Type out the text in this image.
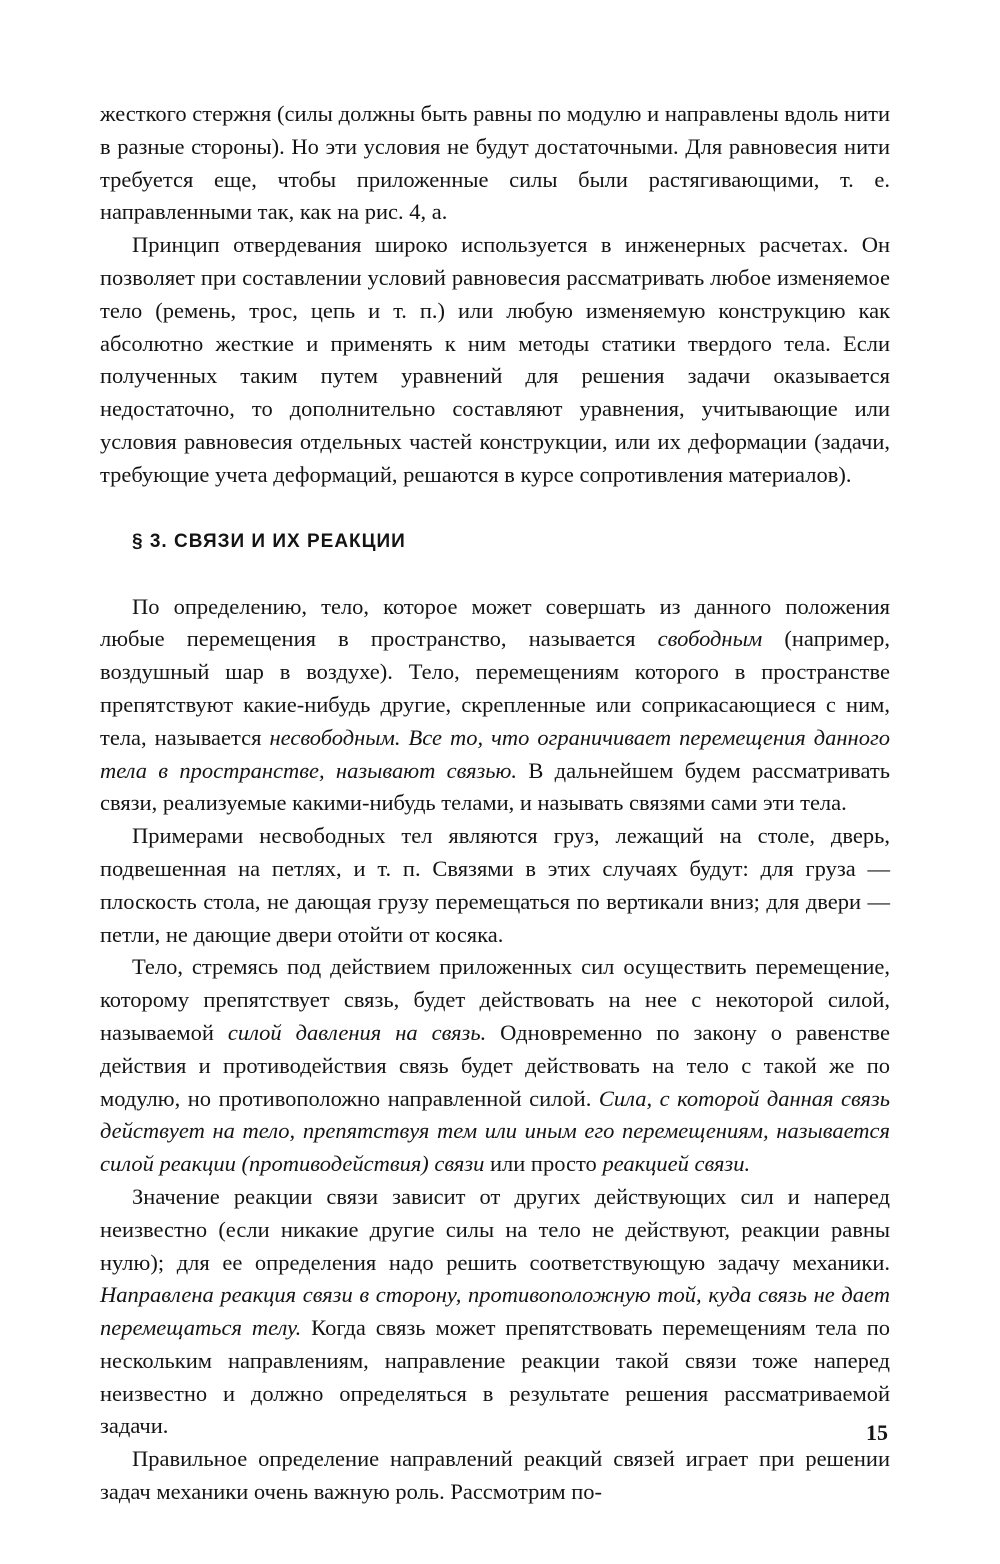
жесткого стержня (силы должны быть равны по модулю и направлены вдоль нити в разные стороны). Но эти условия не будут достаточными. Для равновесия нити требуется еще, чтобы приложенные силы были растягивающими, т. е. направленными так, как на рис. 4, а.

Принцип отвердевания широко используется в инженерных расчетах. Он позволяет при составлении условий равновесия рассматривать любое изменяемое тело (ремень, трос, цепь и т. п.) или любую изменяемую конструкцию как абсолютно жесткие и применять к ним методы статики твердого тела. Если полученных таким путем уравнений для решения задачи оказывается недостаточно, то дополнительно составляют уравнения, учитывающие или условия равновесия отдельных частей конструкции, или их деформации (задачи, требующие учета деформаций, решаются в курсе сопротивления материалов).

§ 3. СВЯЗИ И ИХ РЕАКЦИИ

По определению, тело, которое может совершать из данного положения любые перемещения в пространство, называется свободным (например, воздушный шар в воздухе). Тело, перемещениям которого в пространстве препятствуют какие-нибудь другие, скрепленные или соприкасающиеся с ним, тела, называется несвободным. Все то, что ограничивает перемещения данного тела в пространстве, называют связью. В дальнейшем будем рассматривать связи, реализуемые какими-нибудь телами, и называть связями сами эти тела.

Примерами несвободных тел являются груз, лежащий на столе, дверь, подвешенная на петлях, и т. п. Связями в этих случаях будут: для груза — плоскость стола, не дающая грузу перемещаться по вертикали вниз; для двери — петли, не дающие двери отойти от косяка.

Тело, стремясь под действием приложенных сил осуществить перемещение, которому препятствует связь, будет действовать на нее с некоторой силой, называемой силой давления на связь. Одновременно по закону о равенстве действия и противодействия связь будет действовать на тело с такой же по модулю, но противоположно направленной силой. Сила, с которой данная связь действует на тело, препятствуя тем или иным его перемещениям, называется силой реакции (противодействия) связи или просто реакцией связи.

Значение реакции связи зависит от других действующих сил и наперед неизвестно (если никакие другие силы на тело не действуют, реакции равны нулю); для ее определения надо решить соответствующую задачу механики. Направлена реакция связи в сторону, противоположную той, куда связь не дает перемещаться телу. Когда связь может препятствовать перемещениям тела по нескольким направлениям, направление реакции такой связи тоже наперед неизвестно и должно определяться в результате решения рассматриваемой задачи.

Правильное определение направлений реакций связей играет при решении задач механики очень важную роль. Рассмотрим по-

15
